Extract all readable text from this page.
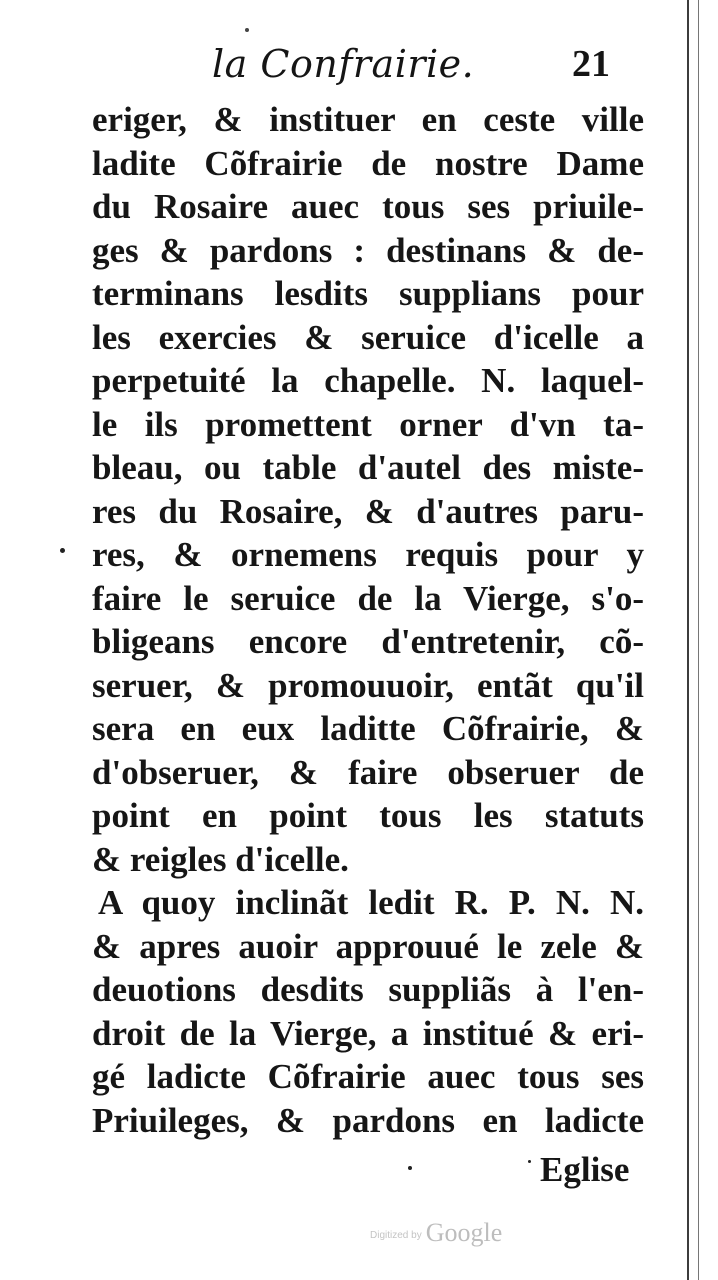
la Confrairie.	21
eriger, & instituer en ceste ville
ladite Cõfrairie de nostre Dame
du Rosaire auec tous ses priuile-
ges & pardons : destinans & de-
terminans lesdits supplians pour
les exercies & seruice d'icelle a
perpetuité la chapelle. N. laquel-
le ils promettent orner d'vn ta-
bleau, ou table d'autel des miste-
res du Rosaire, & d'autres paru-
res, & ornemens requis pour y
faire le seruice de la Vierge, s'o-
bligeans encore d'entretenir, cõ-
seruer, & promouuoir, entãt qu'il
sera en eux laditte Cõfrairie, &
d'obseruer, & faire obseruer de
point en point tous les statuts
& reigles d'icelle.
A quoy inclinãt ledit R. P. N. N.
& apres auoir approuué le zele &
deuotions desdits suppliãs à l'en-
droit de la Vierge, a institué & eri-
gé ladicte Cõfrairie auec tous ses
Priuileges, & pardons en ladicte
Eglise
Digitized by Google
